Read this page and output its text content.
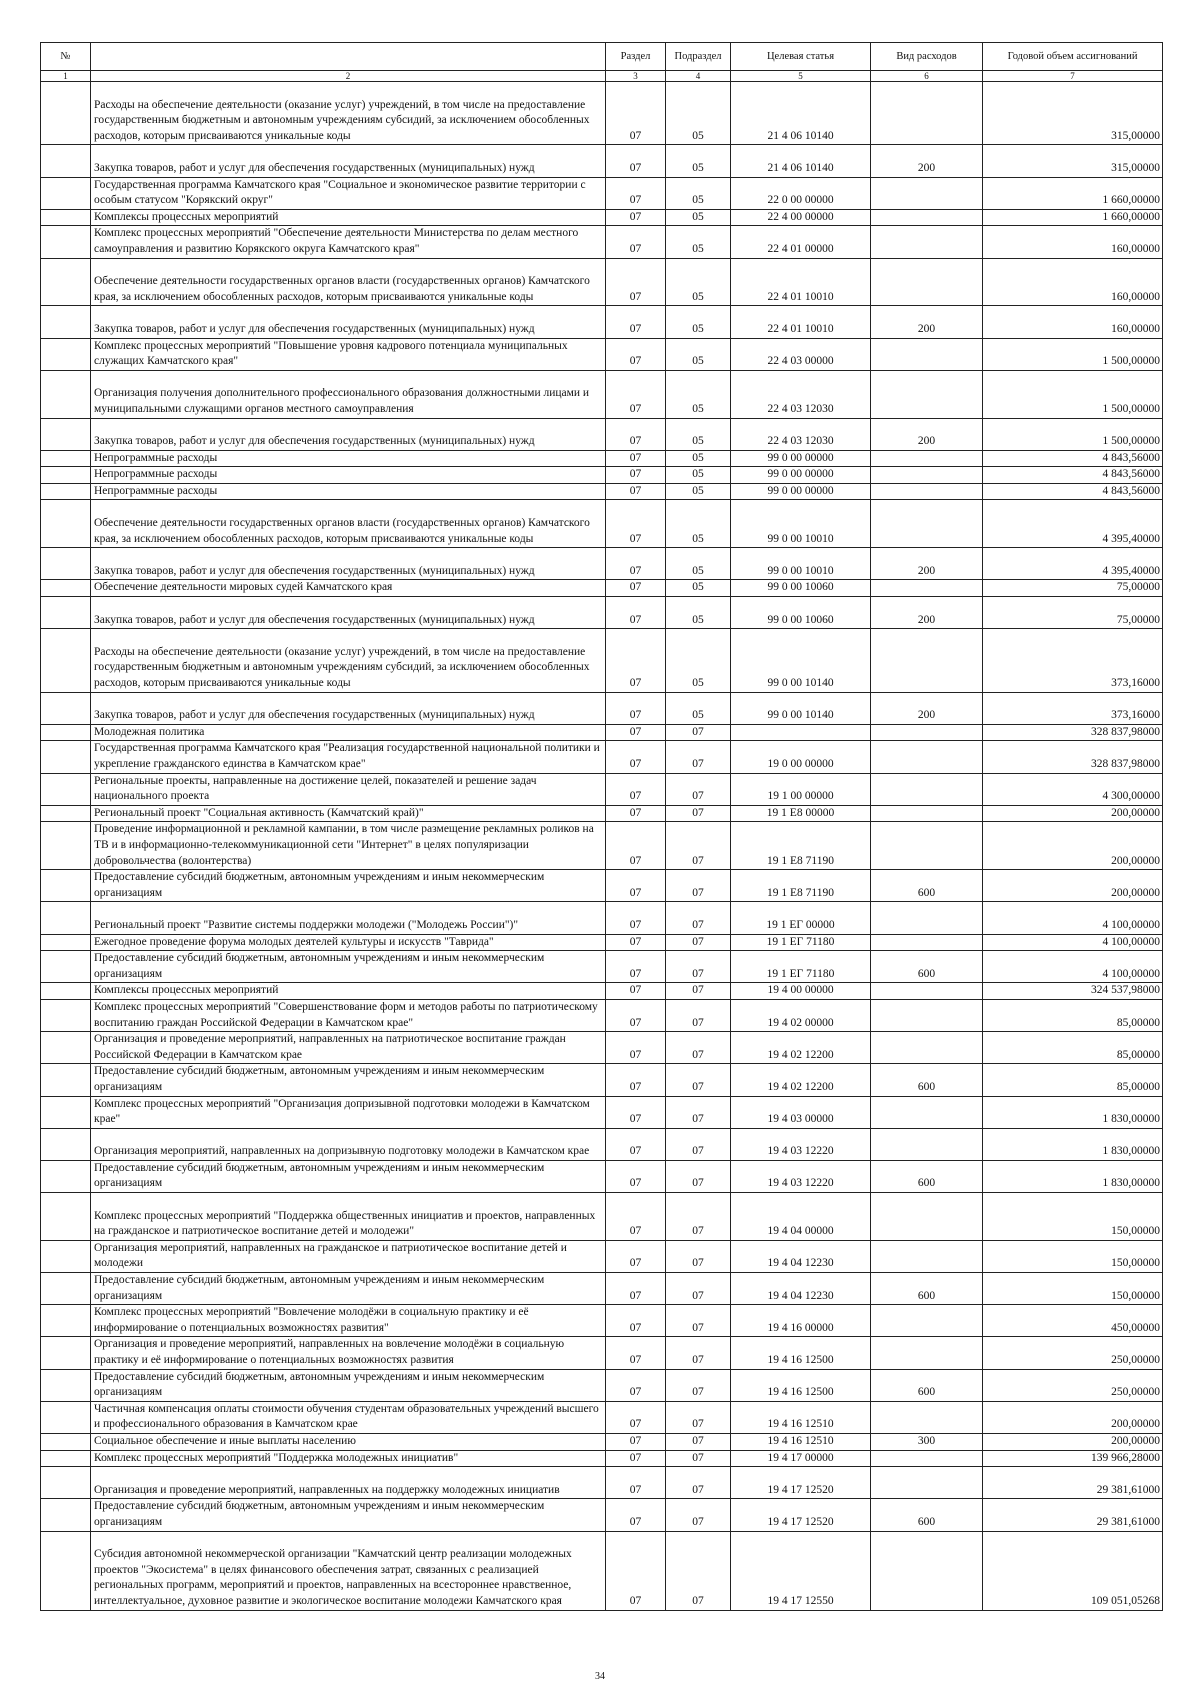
№		Раздел	Подраздел	Целевая статья	Вид расходов	Годовой объем ассигнований
1	2	3	4	5	6	7
	Расходы на обеспечение деятельности (оказание услуг) учреждений, в том числе на предоставление государственным бюджетным и автономным учреждениям субсидий, за исключением обособленных расходов, которым присваиваются уникальные коды	07	05	21 4 06 10140		315,00000
	Закупка товаров, работ и услуг для обеспечения государственных (муниципальных) нужд	07	05	21 4 06 10140	200	315,00000
	Государственная программа Камчатского края "Социальное и экономическое развитие территории с особым статусом "Корякский округ"	07	05	22 0 00 00000		1 660,00000
	Комплексы процессных мероприятий	07	05	22 4 00 00000		1 660,00000
	Комплекс процессных мероприятий "Обеспечение деятельности Министерства по делам местного самоуправления и развитию Корякского округа Камчатского края"	07	05	22 4 01 00000		160,00000
	Обеспечение деятельности государственных органов власти (государственных органов) Камчатского края, за исключением обособленных расходов, которым присваиваются уникальные коды	07	05	22 4 01 10010		160,00000
	Закупка товаров, работ и услуг для обеспечения государственных (муниципальных) нужд	07	05	22 4 01 10010	200	160,00000
	Комплекс процессных мероприятий "Повышение уровня кадрового потенциала муниципальных служащих Камчатского края"	07	05	22 4 03 00000		1 500,00000
	Организация получения дополнительного профессионального образования должностными лицами и муниципальными служащими органов местного самоуправления	07	05	22 4 03 12030		1 500,00000
	Закупка товаров, работ и услуг для обеспечения государственных (муниципальных) нужд	07	05	22 4 03 12030	200	1 500,00000
	Непрограммные расходы	07	05	99 0 00 00000		4 843,56000
	Непрограммные расходы	07	05	99 0 00 00000		4 843,56000
	Непрограммные расходы	07	05	99 0 00 00000		4 843,56000
	Обеспечение деятельности государственных органов власти (государственных органов) Камчатского края, за исключением обособленных расходов, которым присваиваются уникальные коды	07	05	99 0 00 10010		4 395,40000
	Закупка товаров, работ и услуг для обеспечения государственных (муниципальных) нужд	07	05	99 0 00 10010	200	4 395,40000
	Обеспечение деятельности мировых судей Камчатского края	07	05	99 0 00 10060		75,00000
	Закупка товаров, работ и услуг для обеспечения государственных (муниципальных) нужд	07	05	99 0 00 10060	200	75,00000
	Расходы на обеспечение деятельности (оказание услуг) учреждений, в том числе на предоставление государственным бюджетным и автономным учреждениям субсидий, за исключением обособленных расходов, которым присваиваются уникальные коды	07	05	99 0 00 10140		373,16000
	Закупка товаров, работ и услуг для обеспечения государственных (муниципальных) нужд	07	05	99 0 00 10140	200	373,16000
	Молодежная политика	07	07			328 837,98000
	Государственная программа Камчатского края "Реализация государственной национальной политики и укрепление гражданского единства в Камчатском крае"	07	07	19 0 00 00000		328 837,98000
	Региональные проекты, направленные на достижение целей, показателей и решение задач национального проекта	07	07	19 1 00 00000		4 300,00000
	Региональный проект "Социальная активность (Камчатский край)"	07	07	19 1 E8 00000		200,00000
	Проведение информационной и рекламной кампании, в том числе размещение рекламных роликов на ТВ и в информационно-телекоммуникационной сети "Интернет" в целях популяризации добровольчества (волонтерства)	07	07	19 1 E8 71190		200,00000
	Предоставление субсидий бюджетным, автономным учреждениям и иным некоммерческим организациям	07	07	19 1 E8 71190	600	200,00000
	Региональный проект "Развитие системы поддержки молодежи ("Молодежь России")"	07	07	19 1 ЕГ 00000		4 100,00000
	Ежегодное проведение форума молодых деятелей культуры и искусств "Таврида"	07	07	19 1 ЕГ 71180		4 100,00000
	Предоставление субсидий бюджетным, автономным учреждениям и иным некоммерческим организациям	07	07	19 1 ЕГ 71180	600	4 100,00000
	Комплексы процессных мероприятий	07	07	19 4 00 00000		324 537,98000
	Комплекс процессных мероприятий "Совершенствование форм и методов работы по патриотическому воспитанию граждан Российской Федерации в Камчатском крае"	07	07	19 4 02 00000		85,00000
	Организация и проведение мероприятий, направленных на патриотическое воспитание граждан Российской Федерации в Камчатском крае	07	07	19 4 02 12200		85,00000
	Предоставление субсидий бюджетным, автономным учреждениям и иным некоммерческим организациям	07	07	19 4 02 12200	600	85,00000
	Комплекс процессных мероприятий "Организация допризывной подготовки молодежи в Камчатском крае"	07	07	19 4 03 00000		1 830,00000
	Организация мероприятий, направленных на допризывную подготовку молодежи в Камчатском крае	07	07	19 4 03 12220		1 830,00000
	Предоставление субсидий бюджетным, автономным учреждениям и иным некоммерческим организациям	07	07	19 4 03 12220	600	1 830,00000
	Комплекс процессных мероприятий "Поддержка общественных инициатив и проектов, направленных на гражданское и патриотическое воспитание детей и молодежи"	07	07	19 4 04 00000		150,00000
	Организация мероприятий, направленных на гражданское и патриотическое воспитание детей и молодежи	07	07	19 4 04 12230		150,00000
	Предоставление субсидий бюджетным, автономным учреждениям и иным некоммерческим организациям	07	07	19 4 04 12230	600	150,00000
	Комплекс процессных мероприятий "Вовлечение молодёжи в социальную практику и её информирование о потенциальных возможностях развития"	07	07	19 4 16 00000		450,00000
	Организация и проведение мероприятий, направленных на вовлечение молодёжи в социальную практику и её информирование о потенциальных возможностях развития	07	07	19 4 16 12500		250,00000
	Предоставление субсидий бюджетным, автономным учреждениям и иным некоммерческим организациям	07	07	19 4 16 12500	600	250,00000
	Частичная компенсация оплаты стоимости обучения студентам образовательных учреждений высшего и профессионального образования в Камчатском крае	07	07	19 4 16 12510		200,00000
	Социальное обеспечение и иные выплаты населению	07	07	19 4 16 12510	300	200,00000
	Комплекс процессных мероприятий "Поддержка молодежных инициатив"	07	07	19 4 17 00000		139 966,28000
	Организация и проведение мероприятий, направленных на поддержку молодежных инициатив	07	07	19 4 17 12520		29 381,61000
	Предоставление субсидий бюджетным, автономным учреждениям и иным некоммерческим организациям	07	07	19 4 17 12520	600	29 381,61000
	Субсидия автономной некоммерческой организации "Камчатский центр реализации молодежных проектов "Экосистема" в целях финансового обеспечения затрат, связанных с реализацией региональных программ, мероприятий и проектов, направленных на всестороннее нравственное, интеллектуальное, духовное развитие и экологическое воспитание молодежи Камчатского края	07	07	19 4 17 12550		109 051,05268
34
